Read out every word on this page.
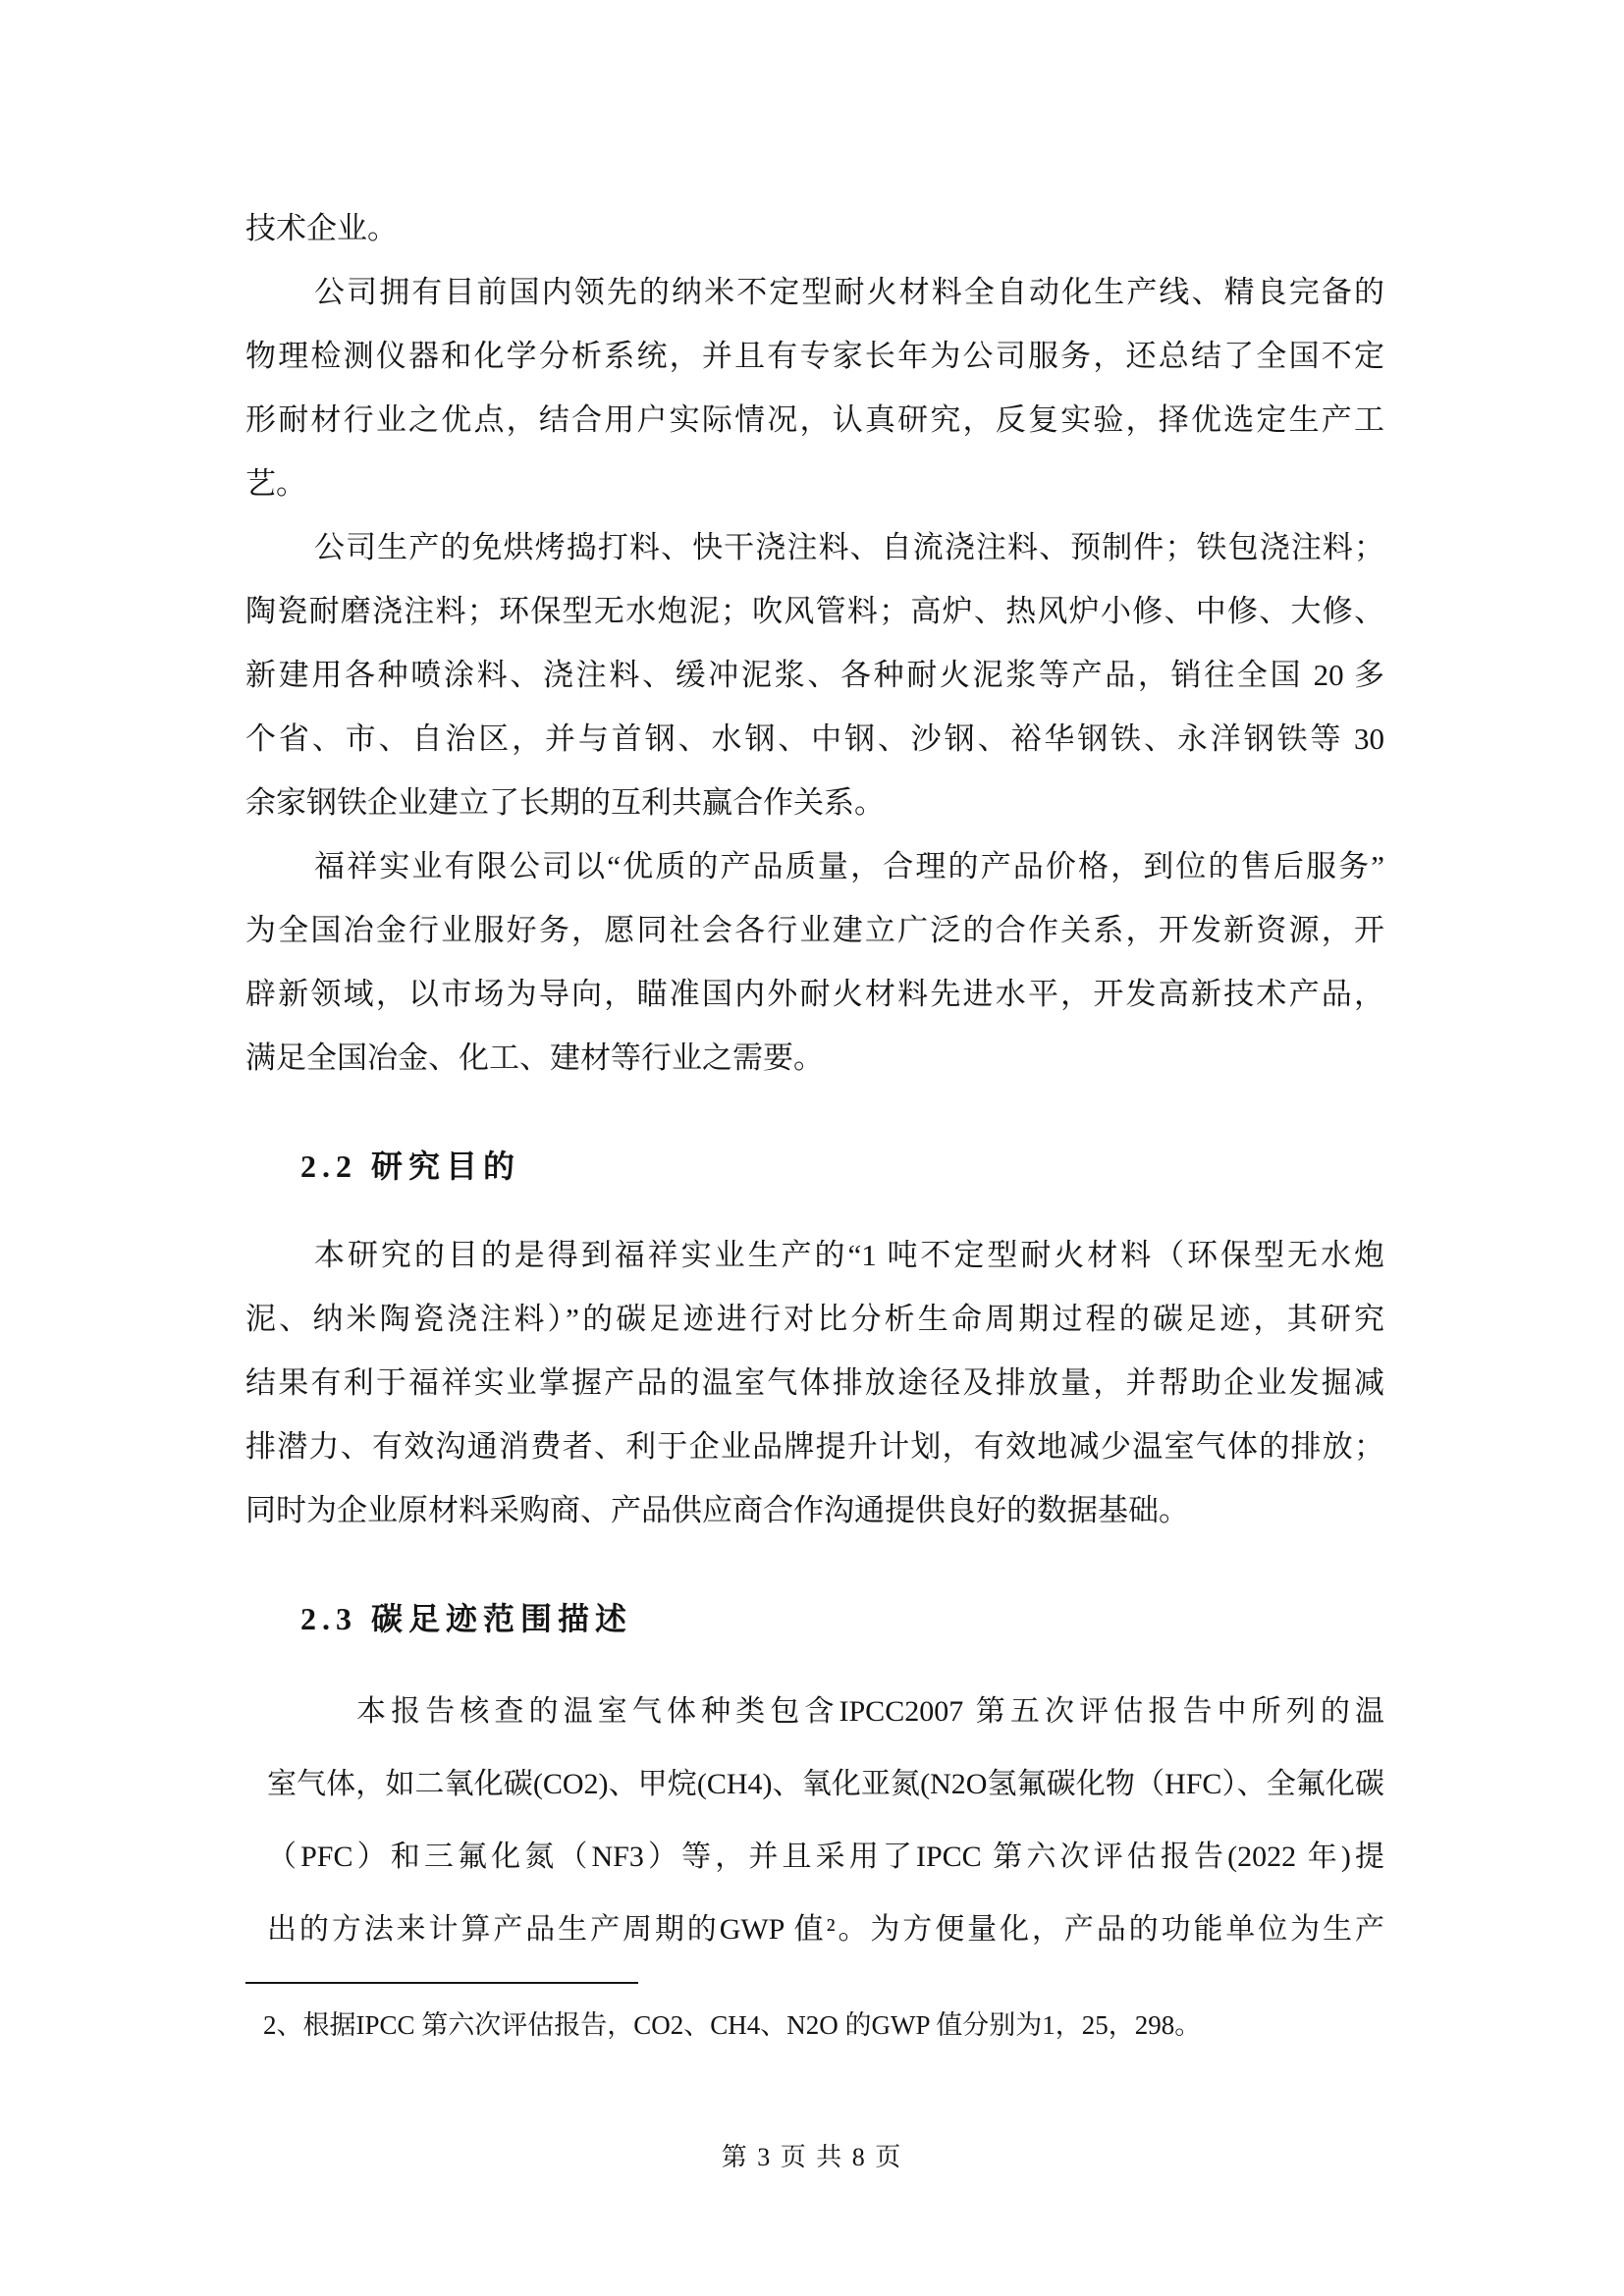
技术企业。
公司拥有目前国内领先的纳米不定型耐火材料全自动化生产线、精良完备的
物理检测仪器和化学分析系统，并且有专家长年为公司服务，还总结了全国不定
形耐材行业之优点，结合用户实际情况，认真研究，反复实验，择优选定生产工
艺。
公司生产的免烘烤捣打料、快干浇注料、自流浇注料、预制件；铁包浇注料；
陶瓷耐磨浇注料；环保型无水炮泥；吹风管料；高炉、热风炉小修、中修、大修、
新建用各种喷涂料、浇注料、缓冲泥浆、各种耐火泥浆等产品，销往全国 20 多
个省、市、自治区，并与首钢、水钢、中钢、沙钢、裕华钢铁、永洋钢铁等 30
余家钢铁企业建立了长期的互利共赢合作关系。
福祥实业有限公司以“优质的产品质量，合理的产品价格，到位的售后服务”
为全国冶金行业服好务，愿同社会各行业建立广泛的合作关系，开发新资源，开
辟新领域，以市场为导向，瞄准国内外耐火材料先进水平，开发高新技术产品，
满足全国冶金、化工、建材等行业之需要。
2.2 研究目的
本研究的目的是得到福祥实业生产的“1 吨不定型耐火材料（环保型无水炮
泥、纳米陶瓷浇注料）”的碳足迹进行对比分析生命周期过程的碳足迹，其研究
结果有利于福祥实业掌握产品的温室气体排放途径及排放量，并帮助企业发掘减
排潜力、有效沟通消费者、利于企业品牌提升计划，有效地减少温室气体的排放；
同时为企业原材料采购商、产品供应商合作沟通提供良好的数据基础。
2.3 碳足迹范围描述
本报告核查的温室气体种类包含IPCC2007 第五次评估报告中所列的温
室气体，如二氧化碳(CO2)、甲烷(CH4)、氧化亚氮(N2O氢氟碳化物（HFC）、全氟化碳
（PFC）和三氟化氮（NF3）等，并且采用了IPCC 第六次评估报告(2022 年)提
出的方法来计算产品生产周期的GWP 值²。为方便量化，产品的功能单位为生产
2、根据IPCC 第六次评估报告，CO2、CH4、N2O 的GWP 值分别为1，25，298。
第 3 页 共 8 页
